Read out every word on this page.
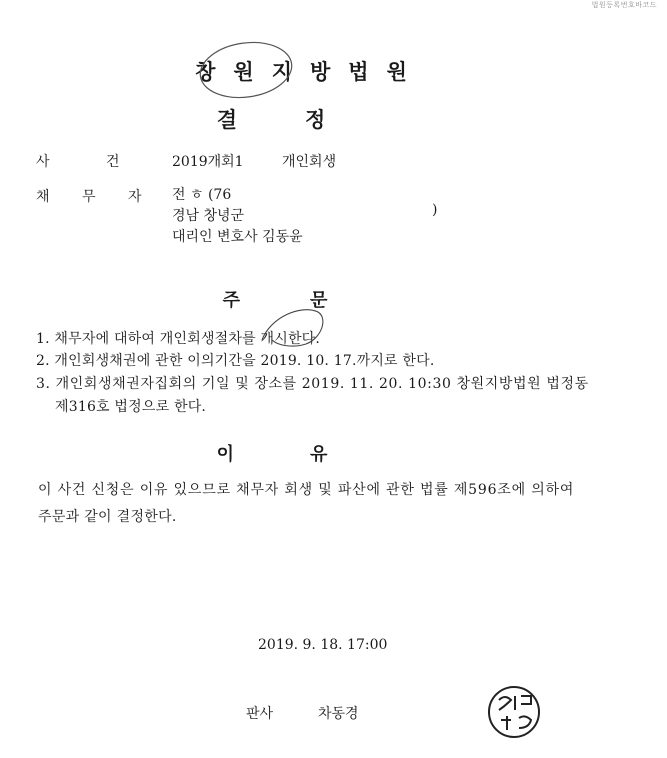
법원등록번호바코드
창원지방법원
결정
사 건 2019개회1	개인회생
채 무 자 전 ㅎ (76
경남 창녕군	)
대리인 변호사 김동윤
주문
1. 채무자에 대하여 개인회생절차를 개시한다.
2. 개인회생채권에 관한 이의기간을 2019. 10. 17.까지로 한다.
3. 개인회생채권자집회의 기일 및 장소를 2019. 11. 20. 10:30 창원지방법원 법정동
제316호 법정으로 한다.
이유
이 사건 신청은 이유 있으므로 채무자 회생 및 파산에 관한 법률 제596조에 의하여
주문과 같이 결정한다.
2019. 9. 18. 17:00
판사	차동경
